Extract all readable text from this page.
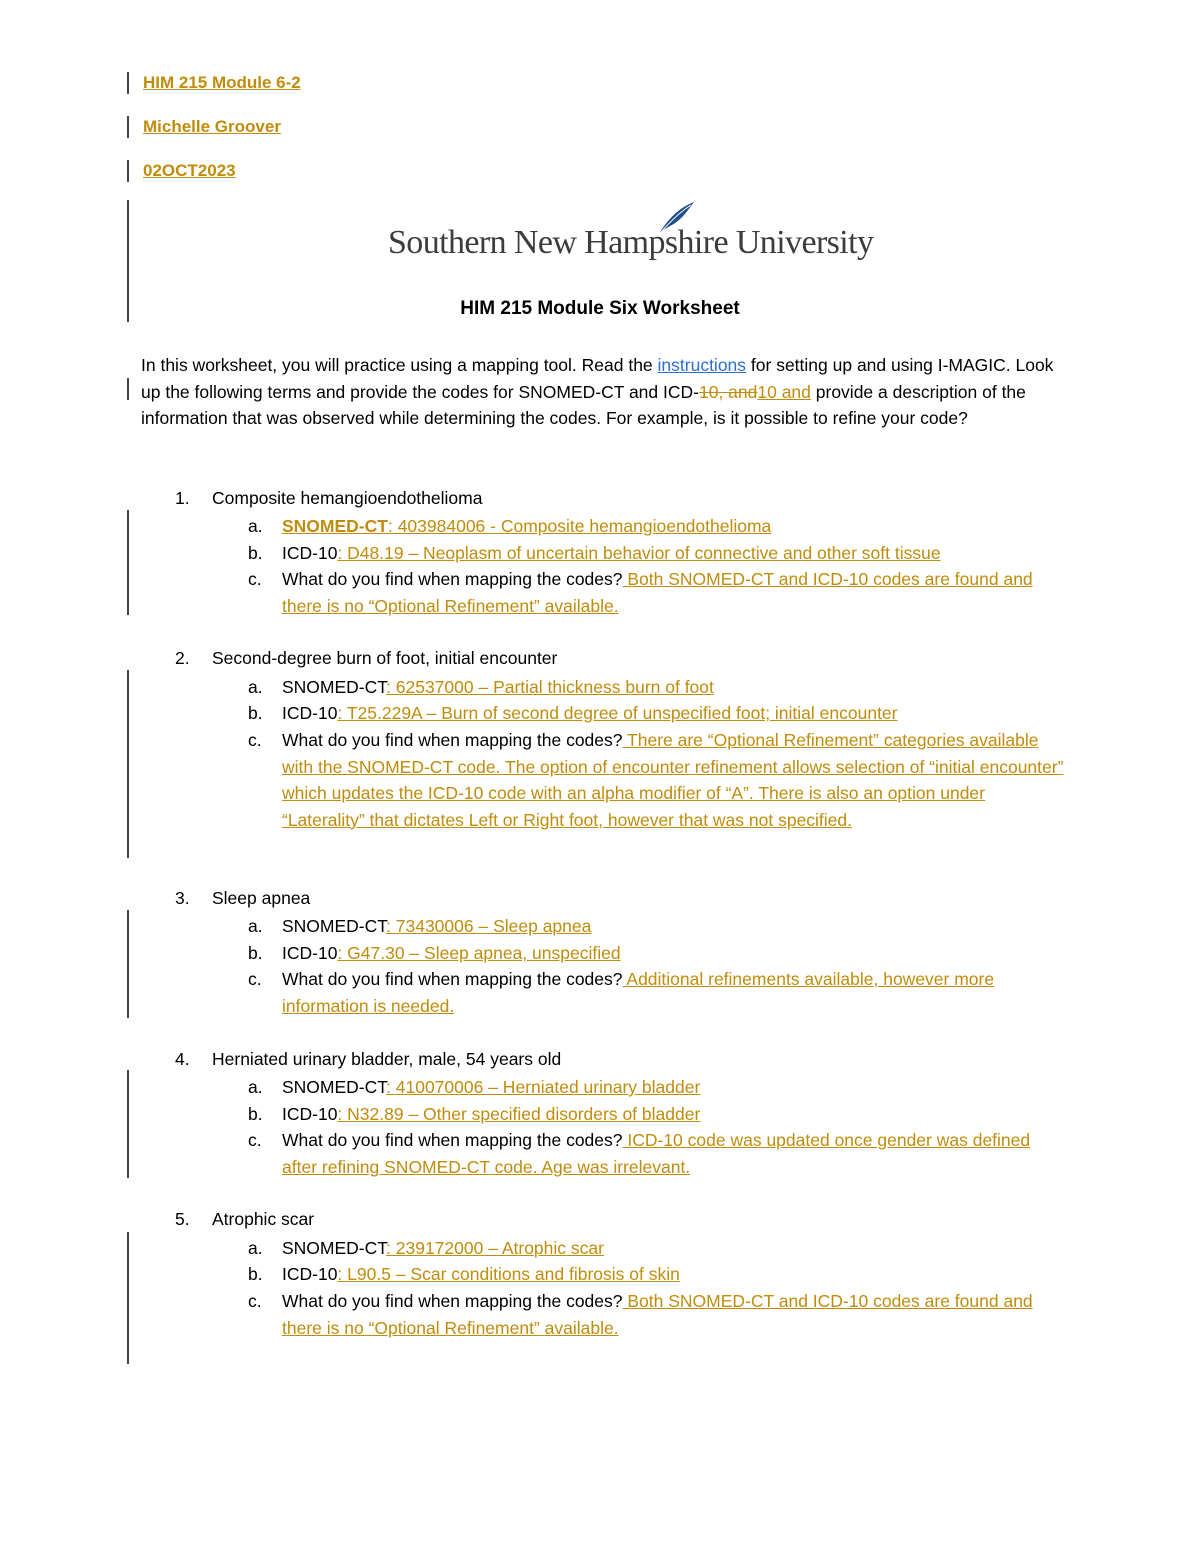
HIM 215 Module 6-2
Michelle Groover
02OCT2023
Southern New Hampshire University
HIM 215 Module Six Worksheet
In this worksheet, you will practice using a mapping tool. Read the instructions for setting up and using I-MAGIC. Look up the following terms and provide the codes for SNOMED-CT and ICD-10, and10 and provide a description of the information that was observed while determining the codes. For example, is it possible to refine your code?
1. Composite hemangioendothelioma
a. SNOMED-CT: 403984006 - Composite hemangioendothelioma
b. ICD-10: D48.19 – Neoplasm of uncertain behavior of connective and other soft tissue
c. What do you find when mapping the codes? Both SNOMED-CT and ICD-10 codes are found and there is no “Optional Refinement” available.
2. Second-degree burn of foot, initial encounter
a. SNOMED-CT: 62537000 – Partial thickness burn of foot
b. ICD-10: T25.229A – Burn of second degree of unspecified foot; initial encounter
c. What do you find when mapping the codes? There are “Optional Refinement” categories available with the SNOMED-CT code. The option of encounter refinement allows selection of “initial encounter” which updates the ICD-10 code with an alpha modifier of “A”. There is also an option under “Laterality” that dictates Left or Right foot, however that was not specified.
3. Sleep apnea
a. SNOMED-CT: 73430006 – Sleep apnea
b. ICD-10: G47.30 – Sleep apnea, unspecified
c. What do you find when mapping the codes? Additional refinements available, however more information is needed.
4. Herniated urinary bladder, male, 54 years old
a. SNOMED-CT: 410070006 – Herniated urinary bladder
b. ICD-10: N32.89 – Other specified disorders of bladder
c. What do you find when mapping the codes? ICD-10 code was updated once gender was defined after refining SNOMED-CT code. Age was irrelevant.
5. Atrophic scar
a. SNOMED-CT: 239172000 – Atrophic scar
b. ICD-10: L90.5 – Scar conditions and fibrosis of skin
c. What do you find when mapping the codes? Both SNOMED-CT and ICD-10 codes are found and there is no “Optional Refinement” available.
